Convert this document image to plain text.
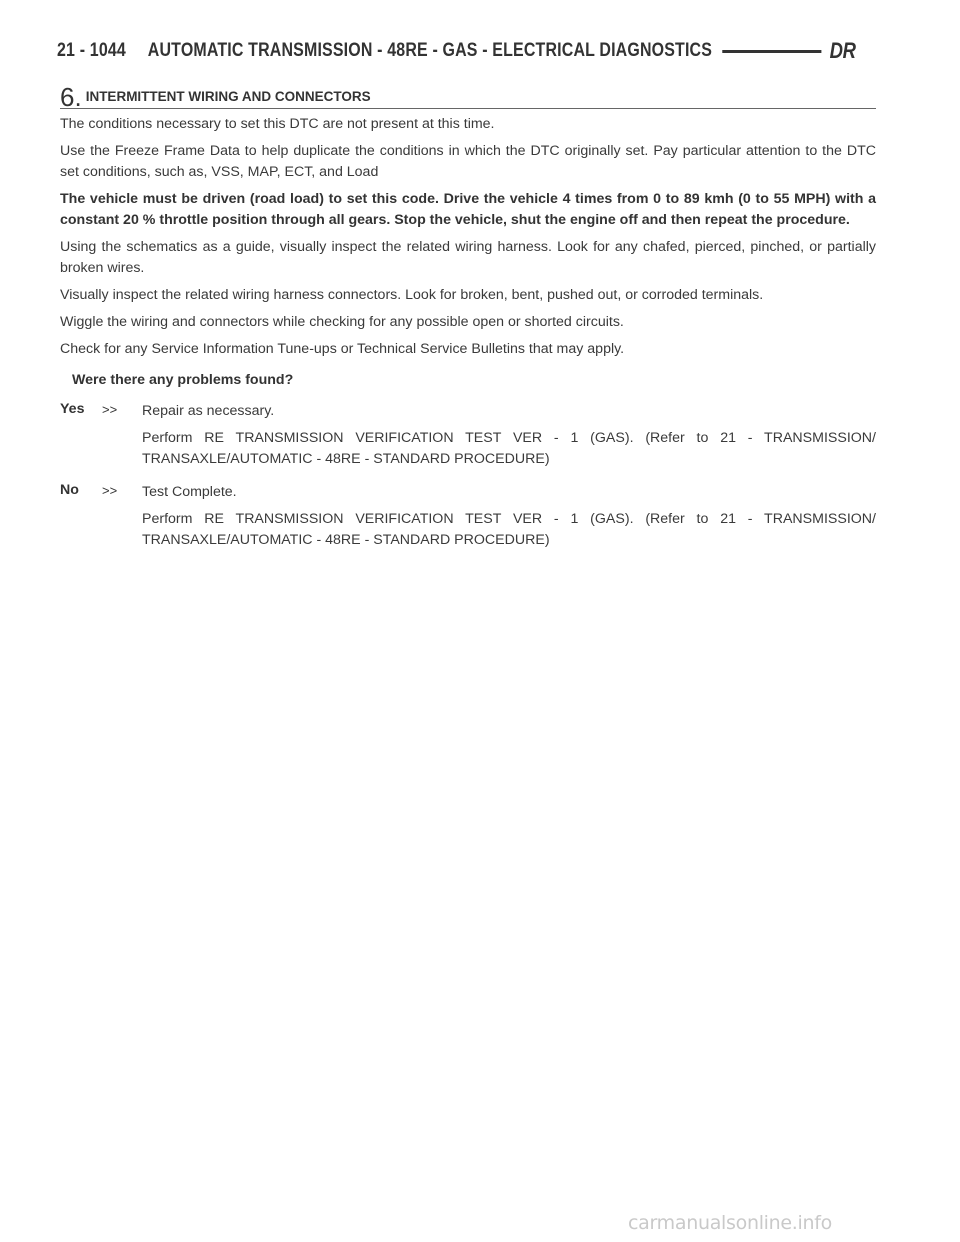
21 - 1044 AUTOMATIC TRANSMISSION - 48RE - GAS - ELECTRICAL DIAGNOSTICS	DR
6. INTERMITTENT WIRING AND CONNECTORS

The conditions necessary to set this DTC are not present at this time.

Use the Freeze Frame Data to help duplicate the conditions in which the DTC originally set. Pay particular attention to the DTC set conditions, such as, VSS, MAP, ECT, and Load

The vehicle must be driven (road load) to set this code. Drive the vehicle 4 times from 0 to 89 kmh (0 to 55 MPH) with a constant 20 % throttle position through all gears. Stop the vehicle, shut the engine off and then repeat the procedure.

Using the schematics as a guide, visually inspect the related wiring harness. Look for any chafed, pierced, pinched, or partially broken wires.

Visually inspect the related wiring harness connectors. Look for broken, bent, pushed out, or corroded terminals.

Wiggle the wiring and connectors while checking for any possible open or shorted circuits.

Check for any Service Information Tune-ups or Technical Service Bulletins that may apply.

Were there any problems found?

Yes	>>	Repair as necessary.

Perform RE TRANSMISSION VERIFICATION TEST VER - 1 (GAS). (Refer to 21 - TRANSMISSION/ TRANSAXLE/AUTOMATIC - 48RE - STANDARD PROCEDURE)

No	>>	Test Complete.

Perform RE TRANSMISSION VERIFICATION TEST VER - 1 (GAS). (Refer to 21 - TRANSMISSION/ TRANSAXLE/AUTOMATIC - 48RE - STANDARD PROCEDURE)

carmanualsonline.info
